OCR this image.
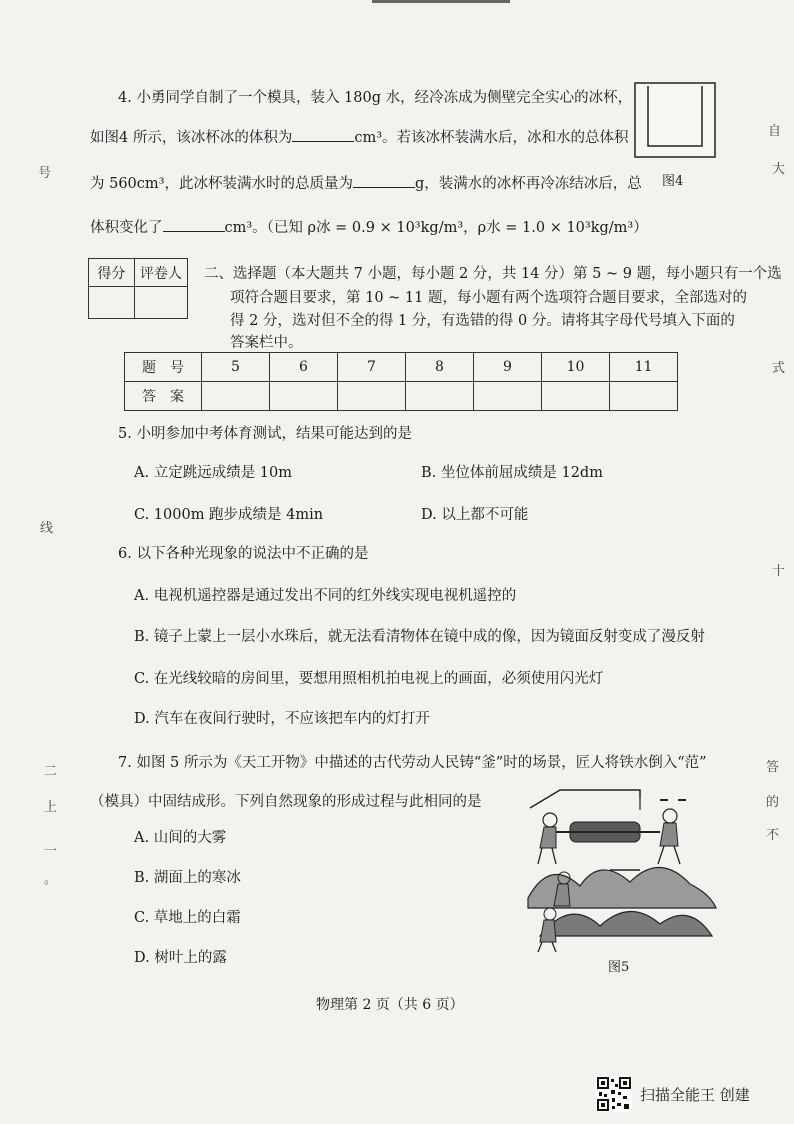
号
线
二
上
一
。
自
大
式
十
答
的
不
4. 小勇同学自制了一个模具，装入 180g 水，经冷冻成为侧壁完全实心的冰杯，
如图4 所示，该冰杯冰的体积为	cm³。若该冰杯装满水后，冰和水的总体积
为 560cm³，此冰杯装满水时的总质量为	g，装满水的冰杯再冷冻结冰后，总
体积变化了	cm³。（已知 ρ冰 = 0.9 × 10³kg/m³，ρ水 = 1.0 × 10³kg/m³）
图4
得分	评卷人
	二、选择题（本大题共 7 小题，每小题 2 分，共 14 分）第 5 ~ 9 题，每小题只有一个选
项符合题目要求，第 10 ~ 11 题，每小题有两个选项符合题目要求，全部选对的
得 2 分，选对但不全的得 1 分，有选错的得 0 分。请将其字母代号填入下面的
答案栏中。
题　号	5	6	7	8	9	10	11
答　案							
5. 小明参加中考体育测试，结果可能达到的是
A. 立定跳远成绩是 10m	B. 坐位体前屈成绩是 12dm
C. 1000m 跑步成绩是 4min	D. 以上都不可能
6. 以下各种光现象的说法中不正确的是
A. 电视机遥控器是通过发出不同的红外线实现电视机遥控的
B. 镜子上蒙上一层小水珠后，就无法看清物体在镜中成的像，因为镜面反射变成了漫反射
C. 在光线较暗的房间里，要想用照相机拍电视上的画面，必须使用闪光灯
D. 汽车在夜间行驶时，不应该把车内的灯打开
7. 如图 5 所示为《天工开物》中描述的古代劳动人民铸“釜”时的场景，匠人将铁水倒入“范”
（模具）中固结成形。下列自然现象的形成过程与此相同的是
A. 山间的大雾
B. 湖面上的寒冰
C. 草地上的白霜
D. 树叶上的露
图5
物理第 2 页（共 6 页）
扫描全能王 创建
